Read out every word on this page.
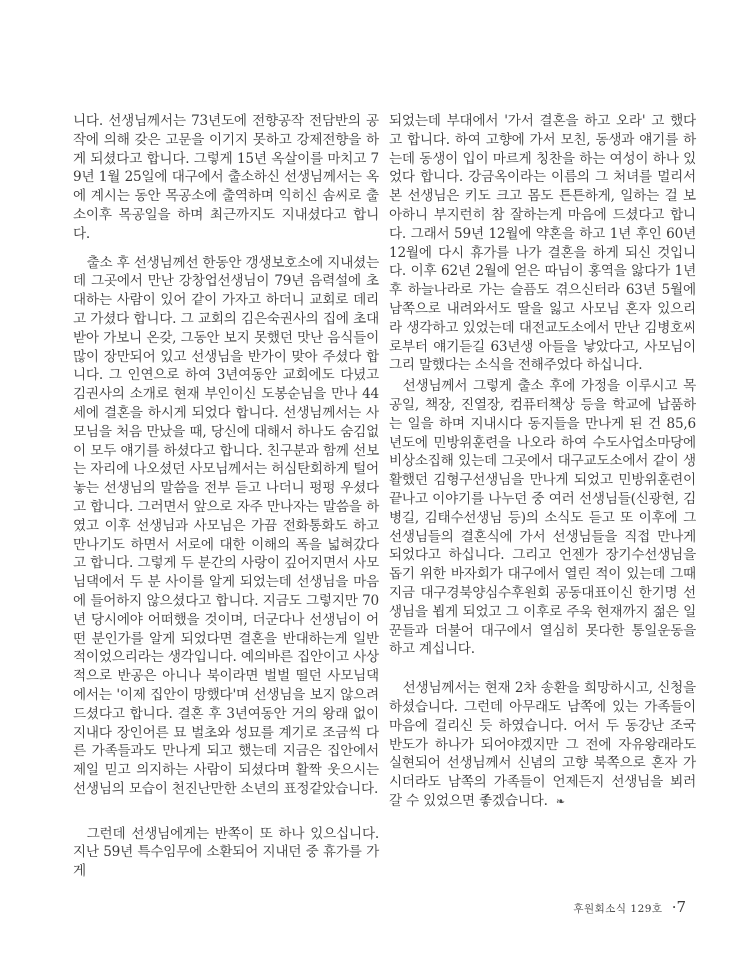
니다. 선생님께서는 73년도에 전향공작 전담반의 공작에 의해 갖은 고문을 이기지 못하고 강제전향을 하게 되셨다고 합니다. 그렇게 15년 옥살이를 마치고 79년 1월 25일에 대구에서 출소하신 선생님께서는 옥에 계시는 동안 목공소에 출역하며 익히신 솜씨로 출소이후 목공일을 하며 최근까지도 지내셨다고 합니다.

출소 후 선생님께선 한동안 갱생보호소에 지내셨는데 그곳에서 만난 강창업선생님이 79년 음력설에 초대하는 사람이 있어 같이 가자고 하더니 교회로 데리고 가셨다 합니다. 그 교회의 김은숙권사의 집에 초대받아 가보니 온갖, 그동안 보지 못했던 맛난 음식들이 많이 장만되어 있고 선생님을 반가이 맞아 주셨다 합니다. 그 인연으로 하여 3년여동안 교회에도 다녔고 김권사의 소개로 현재 부인이신 도봉순님을 만나 44세에 결혼을 하시게 되었다 합니다. 선생님께서는 사모님을 처음 만났을 때, 당신에 대해서 하나도 숨김없이 모두 얘기를 하셨다고 합니다. 친구분과 함께 선보는 자리에 나오셨던 사모님께서는 허심탄회하게 털어놓는 선생님의 말씀을 전부 듣고 나더니 펑펑 우셨다고 합니다. 그러면서 앞으로 자주 만나자는 말씀을 하였고 이후 선생님과 사모님은 가끔 전화통화도 하고 만나기도 하면서 서로에 대한 이해의 폭을 넓혀갔다고 합니다. 그렇게 두 분간의 사랑이 깊어지면서 사모님댁에서 두 분 사이를 알게 되었는데 선생님을 마음에 들어하지 않으셨다고 합니다. 지금도 그렇지만 70년 당시에야 어떠했을 것이며, 더군다나 선생님이 어떤 분인가를 알게 되었다면 결혼을 반대하는게 일반적이었으리라는 생각입니다. 예의바른 집안이고 사상적으로 반공은 아니나 북이라면 벌벌 떨던 사모님댁에서는 '이제 집안이 망했다'며 선생님을 보지 않으려 드셨다고 합니다. 결혼 후 3년여동안 거의 왕래 없이 지내다 장인어른 묘 벌초와 성묘를 계기로 조금씩 다른 가족들과도 만나게 되고 했는데 지금은 집안에서 제일 믿고 의지하는 사람이 되셨다며 활짝 웃으시는 선생님의 모습이 천진난만한 소년의 표정같았습니다.

그런데 선생님에게는 반쪽이 또 하나 있으십니다. 지난 59년 특수임무에 소환되어 지내던 중 휴가를 가게

되었는데 부대에서 '가서 결혼을 하고 오라' 고 했다고 합니다. 하여 고향에 가서 모친, 동생과 얘기를 하는데 동생이 입이 마르게 칭찬을 하는 여성이 하나 있었다 합니다. 강금옥이라는 이름의 그 처녀를 멀리서 본 선생님은 키도 크고 몸도 튼튼하게, 일하는 걸 보아하니 부지런히 참 잘하는게 마음에 드셨다고 합니다. 그래서 59년 12월에 약혼을 하고 1년 후인 60년 12월에 다시 휴가를 나가 결혼을 하게 되신 것입니다. 이후 62년 2월에 얻은 따님이 홍역을 앓다가 1년 후 하늘나라로 가는 슬픔도 겪으신터라 63년 5월에 남쪽으로 내려와서도 딸을 잃고 사모님 혼자 있으리라 생각하고 있었는데 대전교도소에서 만난 김병호씨로부터 얘기듣길 63년생 아들을 낳았다고, 사모님이 그리 말했다는 소식을 전해주었다 하십니다.

선생님께서 그렇게 출소 후에 가정을 이루시고 목공일, 책장, 진열장, 컴퓨터책상 등을 학교에 납품하는 일을 하며 지내시다 동지들을 만나게 된 건 85,6년도에 민방위훈련을 나오라 하여 수도사업소마당에 비상소집해 있는데 그곳에서 대구교도소에서 같이 생활했던 김형구선생님을 만나게 되었고 민방위훈련이 끝나고 이야기를 나누던 중 여러 선생님들(신광현, 김병길, 김태수선생님 등)의 소식도 듣고 또 이후에 그 선생님들의 결혼식에 가서 선생님들을 직접 만나게 되었다고 하십니다. 그리고 언젠가 장기수선생님을 돕기 위한 바자회가 대구에서 열린 적이 있는데 그때 지금 대구경북양심수후원회 공동대표이신 한기명 선생님을 뵙게 되었고 그 이후로 주욱 현재까지 젊은 일꾼들과 더불어 대구에서 열심히 못다한 통일운동을 하고 계십니다.

선생님께서는 현재 2차 송환을 희망하시고, 신청을 하셨습니다. 그런데 아무래도 남쪽에 있는 가족들이 마음에 걸리신 듯 하였습니다. 어서 두 동강난 조국 반도가 하나가 되어야겠지만 그 전에 자유왕래라도 실현되어 선생님께서 신념의 고향 북쪽으로 혼자 가시더라도 남쪽의 가족들이 언제든지 선생님을 뵈러 갈 수 있었으면 좋겠습니다. ❧

후원회소식 129호 ·7
